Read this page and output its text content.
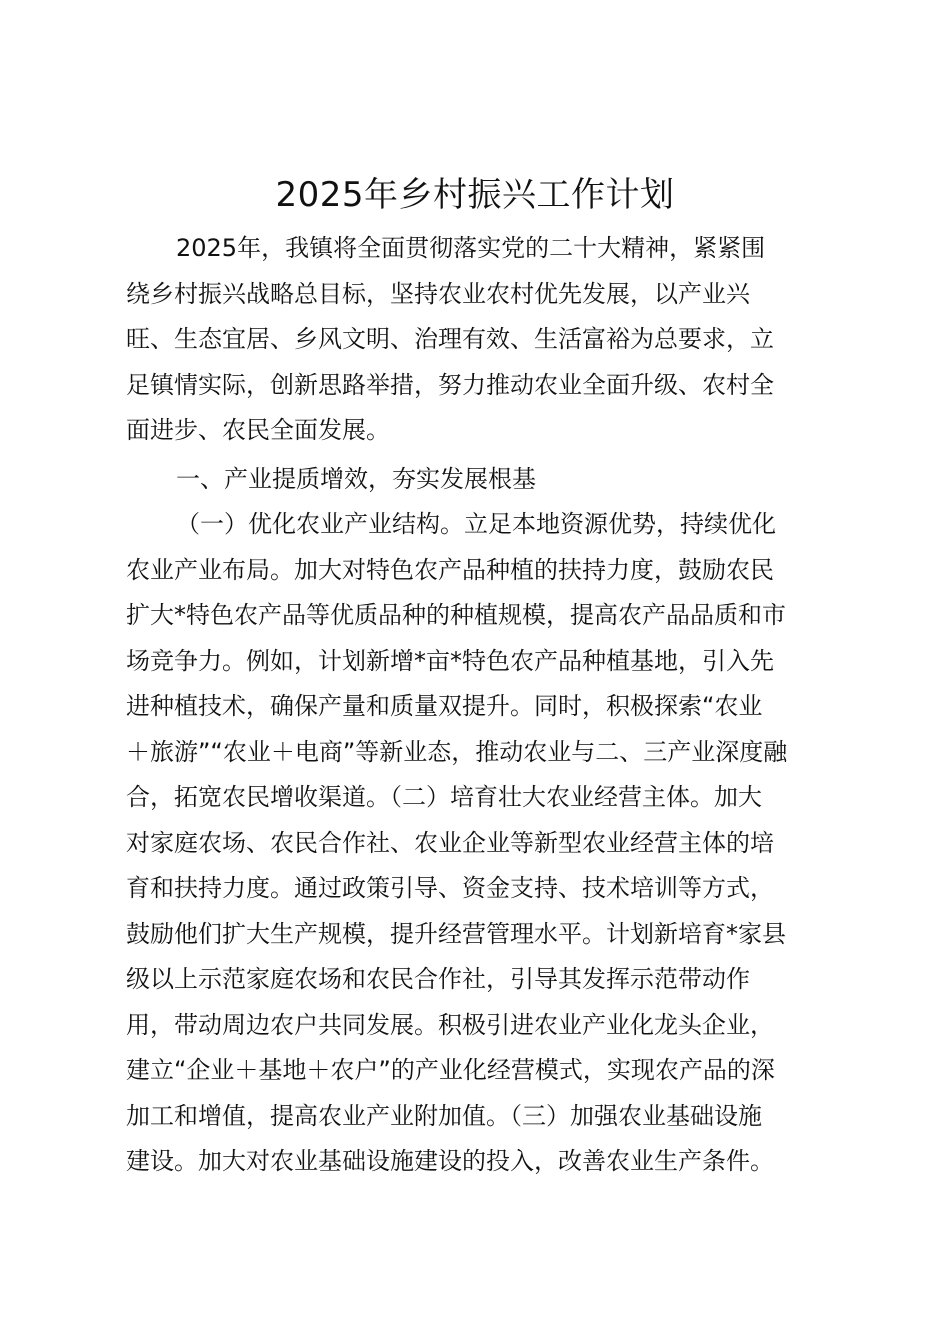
2025年乡村振兴工作计划
2025年，我镇将全面贯彻落实党的二十大精神，紧紧围
绕乡村振兴战略总目标，坚持农业农村优先发展，以产业兴
旺、生态宜居、乡风文明、治理有效、生活富裕为总要求，立
足镇情实际，创新思路举措，努力推动农业全面升级、农村全
面进步、农民全面发展。
一、产业提质增效，夯实发展根基
（一）优化农业产业结构。立足本地资源优势，持续优化
农业产业布局。加大对特色农产品种植的扶持力度，鼓励农民
扩大*特色农产品等优质品种的种植规模，提高农产品品质和市
场竞争力。例如，计划新增*亩*特色农产品种植基地，引入先
进种植技术，确保产量和质量双提升。同时，积极探索“农业
＋旅游”“农业＋电商”等新业态，推动农业与二、三产业深度融
合，拓宽农民增收渠道。（二）培育壮大农业经营主体。加大
对家庭农场、农民合作社、农业企业等新型农业经营主体的培
育和扶持力度。通过政策引导、资金支持、技术培训等方式，
鼓励他们扩大生产规模，提升经营管理水平。计划新培育*家县
级以上示范家庭农场和农民合作社，引导其发挥示范带动作
用，带动周边农户共同发展。积极引进农业产业化龙头企业，
建立“企业＋基地＋农户”的产业化经营模式，实现农产品的深
加工和增值，提高农业产业附加值。（三）加强农业基础设施
建设。加大对农业基础设施建设的投入，改善农业生产条件。
